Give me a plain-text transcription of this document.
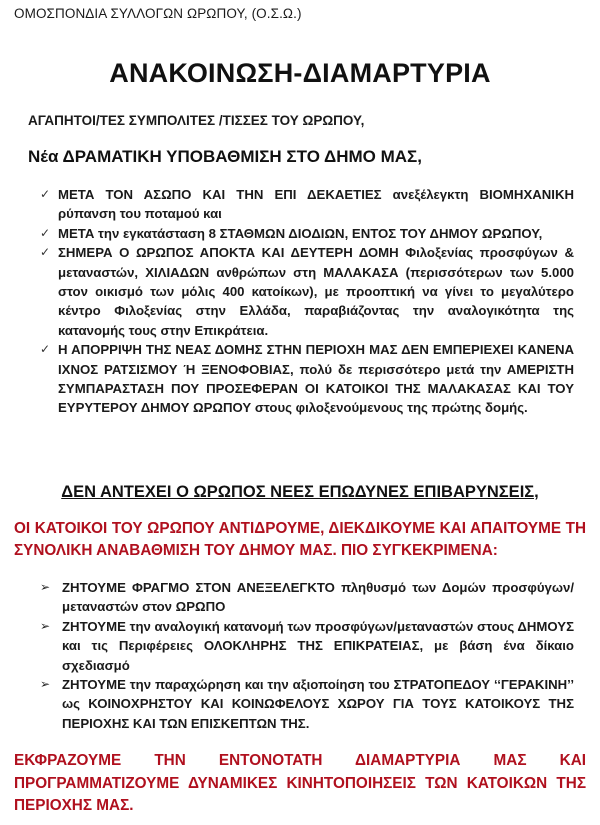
ΟΜΟΣΠΟΝΔΙΑ ΣΥΛΛΟΓΩΝ ΩΡΩΠΟΥ, (Ο.Σ.Ω.)
ΑΝΑΚΟΙΝΩΣΗ-ΔΙΑΜΑΡΤΥΡΙΑ
ΑΓΑΠΗΤΟΙ/ΤΕΣ ΣΥΜΠΟΛΙΤΕΣ /ΤΙΣΣΕΣ ΤΟΥ ΩΡΩΠΟΥ,
Νέα ΔΡΑΜΑΤΙΚΗ ΥΠΟΒΑΘΜΙΣΗ ΣΤΟ ΔΗΜΟ ΜΑΣ,
✓ ΜΕΤΑ ΤΟΝ ΑΣΩΠΟ ΚΑΙ ΤΗΝ ΕΠΙ ΔΕΚΑΕΤΙΕΣ ανεξέλεγκτη ΒΙΟΜΗΧΑΝΙΚΗ ρύπανση του ποταμού και
✓ ΜΕΤΑ την εγκατάσταση 8 ΣΤΑΘΜΩΝ ΔΙΟΔΙΩΝ, ΕΝΤΟΣ ΤΟΥ ΔΗΜΟΥ ΩΡΩΠΟΥ,
✓ ΣΗΜΕΡΑ Ο ΩΡΩΠΟΣ ΑΠΟΚΤΑ ΚΑΙ ΔΕΥΤΕΡΗ ΔΟΜΗ Φιλοξενίας προσφύγων & μεταναστών, ΧΙΛΙΑΔΩΝ ανθρώπων στη ΜΑΛΑΚΑΣΑ (περισσότερων των 5.000 στον οικισμό των μόλις 400 κατοίκων), με προοπτική να γίνει το μεγαλύτερο κέντρο Φιλοξενίας στην Ελλάδα, παραβιάζοντας την αναλογικότητα της κατανομής τους στην Επικράτεια.
✓ Η ΑΠΟΡΡΙΨΗ ΤΗΣ ΝΕΑΣ ΔΟΜΗΣ ΣΤΗΝ ΠΕΡΙΟΧΗ ΜΑΣ ΔΕΝ ΕΜΠΕΡΙΕΧΕΙ ΚΑΝΕΝΑ ΙΧΝΟΣ ΡΑΤΣΙΣΜΟΥ Ή ΞΕΝΟΦΟΒΙΑΣ, πολύ δε περισσότερο μετά την ΑΜΕΡΙΣΤΗ ΣΥΜΠΑΡΑΣΤΑΣΗ ΠΟΥ ΠΡΟΣΕΦΕΡΑΝ ΟΙ ΚΑΤΟΙΚΟΙ ΤΗΣ ΜΑΛΑΚΑΣΑΣ ΚΑΙ ΤΟΥ ΕΥΡΥΤΕΡΟΥ ΔΗΜΟΥ ΩΡΩΠΟΥ στους φιλοξενούμενους της πρώτης δομής.
ΔΕΝ ΑΝΤΕΧΕΙ Ο ΩΡΩΠΟΣ ΝΕΕΣ ΕΠΩΔΥΝΕΣ ΕΠΙΒΑΡΥΝΣΕΙΣ,
ΟΙ ΚΑΤΟΙΚΟΙ ΤΟΥ ΩΡΩΠΟΥ ΑΝΤΙΔΡΟΥΜΕ, ΔΙΕΚΔΙΚΟΥΜΕ ΚΑΙ ΑΠΑΙΤΟΥΜΕ ΤΗ ΣΥΝΟΛΙΚΗ ΑΝΑΒΑΘΜΙΣΗ ΤΟΥ ΔΗΜΟΥ ΜΑΣ. ΠΙΟ ΣΥΓΚΕΚΡΙΜΕΝΑ:
➢ ΖΗΤΟΥΜΕ ΦΡΑΓΜΟ ΣΤΟΝ ΑΝΕΞΕΛΕΓΚΤΟ πληθυσμό των Δομών προσφύγων/μεταναστών στον ΩΡΩΠΟ
➢ ΖΗΤΟΥΜΕ την αναλογική κατανομή των προσφύγων/μεταναστών στους ΔΗΜΟΥΣ και τις Περιφέρειες ΟΛΟΚΛΗΡΗΣ ΤΗΣ ΕΠΙΚΡΑΤΕΙΑΣ, με βάση ένα δίκαιο σχεδιασμό
➢ ΖΗΤΟΥΜΕ την παραχώρηση και την αξιοποίηση του ΣΤΡΑΤΟΠΕΔΟΥ ‘‘ΓΕΡΑΚΙΝΗ’’ ως ΚΟΙΝΟΧΡΗΣΤΟΥ ΚΑΙ ΚΟΙΝΩΦΕΛΟΥΣ ΧΩΡΟΥ ΓΙΑ ΤΟΥΣ ΚΑΤΟΙΚΟΥΣ ΤΗΣ ΠΕΡΙΟΧΗΣ ΚΑΙ ΤΩΝ ΕΠΙΣΚΕΠΤΩΝ ΤΗΣ.
ΕΚΦΡΑΖΟΥΜΕ ΤΗΝ ΕΝΤΟΝΟΤΑΤΗ ΔΙΑΜΑΡΤΥΡΙΑ ΜΑΣ ΚΑΙ ΠΡΟΓΡΑΜΜΑΤΙΖΟΥΜΕ ΔΥΝΑΜΙΚΕΣ ΚΙΝΗΤΟΠΟΙΗΣΕΙΣ ΤΩΝ ΚΑΤΟΙΚΩΝ ΤΗΣ ΠΕΡΙΟΧΗΣ ΜΑΣ.
